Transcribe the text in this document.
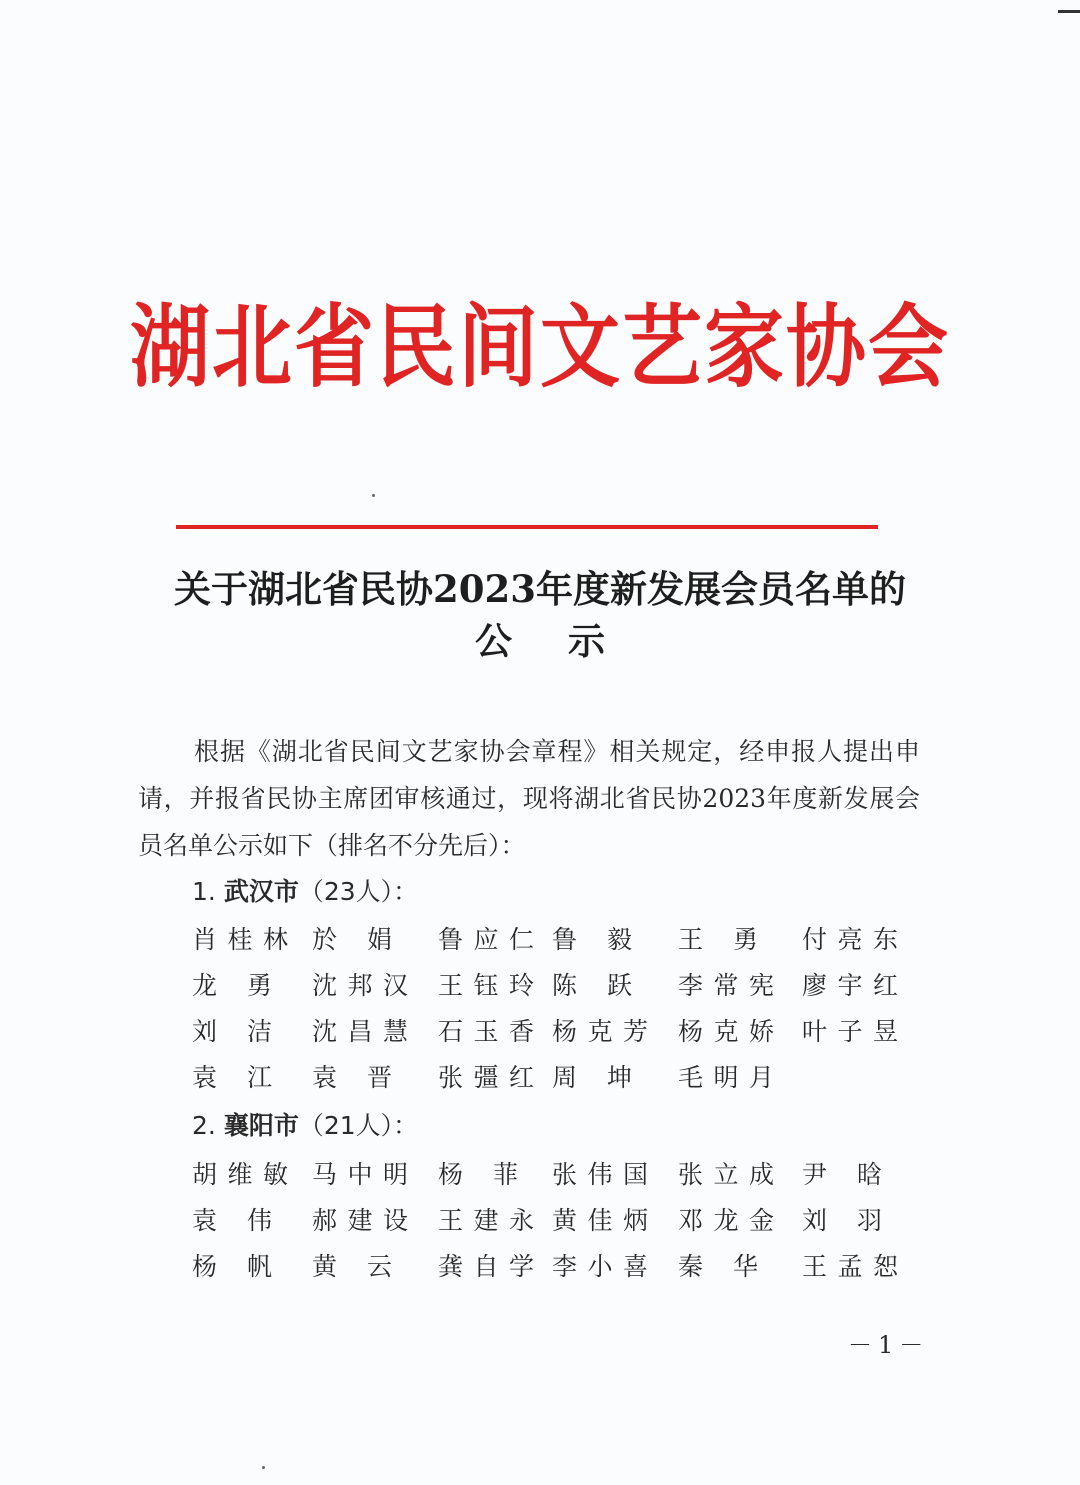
湖北省民间文艺家协会
关于湖北省民协2023年度新发展会员名单的
公示
根据《湖北省民间文艺家协会章程》相关规定，经申报人提出申请，并报省民协主席团审核通过，现将湖北省民协2023年度新发展会员名单公示如下（排名不分先后）：
1. 武汉市（23人）：
肖桂林 於娟 鲁应仁 鲁毅 王勇 付亮东
龙勇 沈邦汉 王钰玲 陈跃 李常宪 廖宇红
刘洁 沈昌慧 石玉香 杨克芳 杨克娇 叶子昱
袁江 袁晋 张彊红 周坤 毛明月
2. 襄阳市（21人）：
胡维敏 马中明 杨菲 张伟国 张立成 尹晗
袁伟 郝建设 王建永 黄佳炳 邓龙金 刘羽
杨帆 黄云 龚自学 李小喜 秦华 王孟恕
－1－
